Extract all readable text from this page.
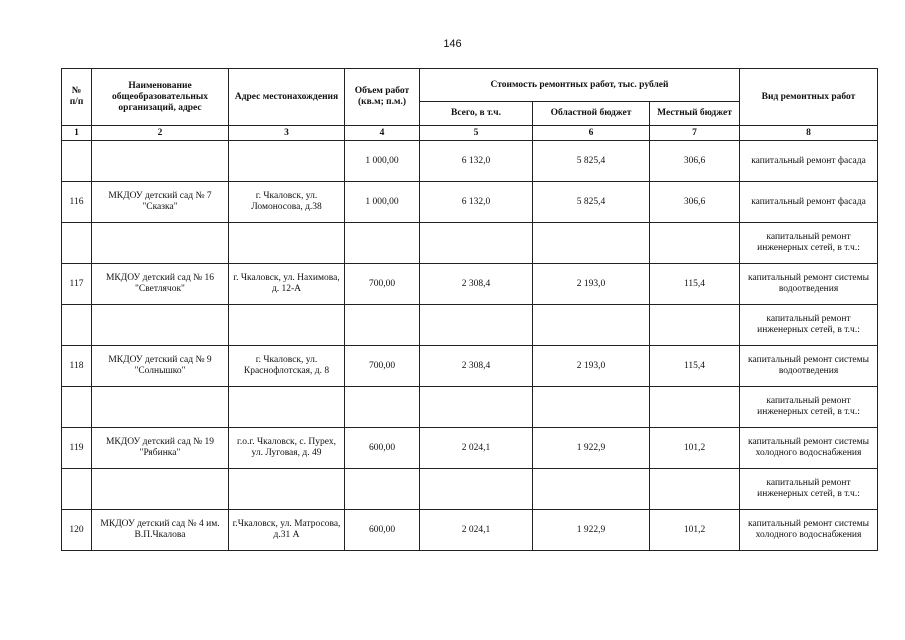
146
№
п/п	Наименование общеобразовательных организаций, адрес	Адрес местонахождения	Объем работ (кв.м; п.м.)	Стоимость ремонтных работ, тыс. рублей			Вид ремонтных работ
				Всего, в т.ч.	Областной бюджет	Местный бюджет	
1	2	3	4	5	6	7	8
			1 000,00	6 132,0	5 825,4	306,6	капитальный ремонт фасада
116	МКДОУ детский сад № 7 "Сказка"	г. Чкаловск, ул. Ломоносова, д.38	1 000,00	6 132,0	5 825,4	306,6	капитальный ремонт фасада
							капитальный ремонт инженерных сетей, в т.ч.:
117	МКДОУ детский сад № 16 "Светлячок"	г. Чкаловск, ул. Нахимова, д. 12-А	700,00	2 308,4	2 193,0	115,4	капитальный ремонт системы водоотведения
							капитальный ремонт инженерных сетей, в т.ч.:
118	МКДОУ детский сад № 9 "Солнышко"	г. Чкаловск, ул. Краснофлотская, д. 8	700,00	2 308,4	2 193,0	115,4	капитальный ремонт системы водоотведения
							капитальный ремонт инженерных сетей, в т.ч.:
119	МКДОУ детский сад № 19 "Рябинка"	г.о.г. Чкаловск, с. Пурех, ул. Луговая, д. 49	600,00	2 024,1	1 922,9	101,2	капитальный ремонт системы холодного водоснабжения
							капитальный ремонт инженерных сетей, в т.ч.:
120	МКДОУ детский сад № 4 им. В.П.Чкалова	г.Чкаловск, ул. Матросова, д.31 А	600,00	2 024,1	1 922,9	101,2	капитальный ремонт системы холодного водоснабжения
